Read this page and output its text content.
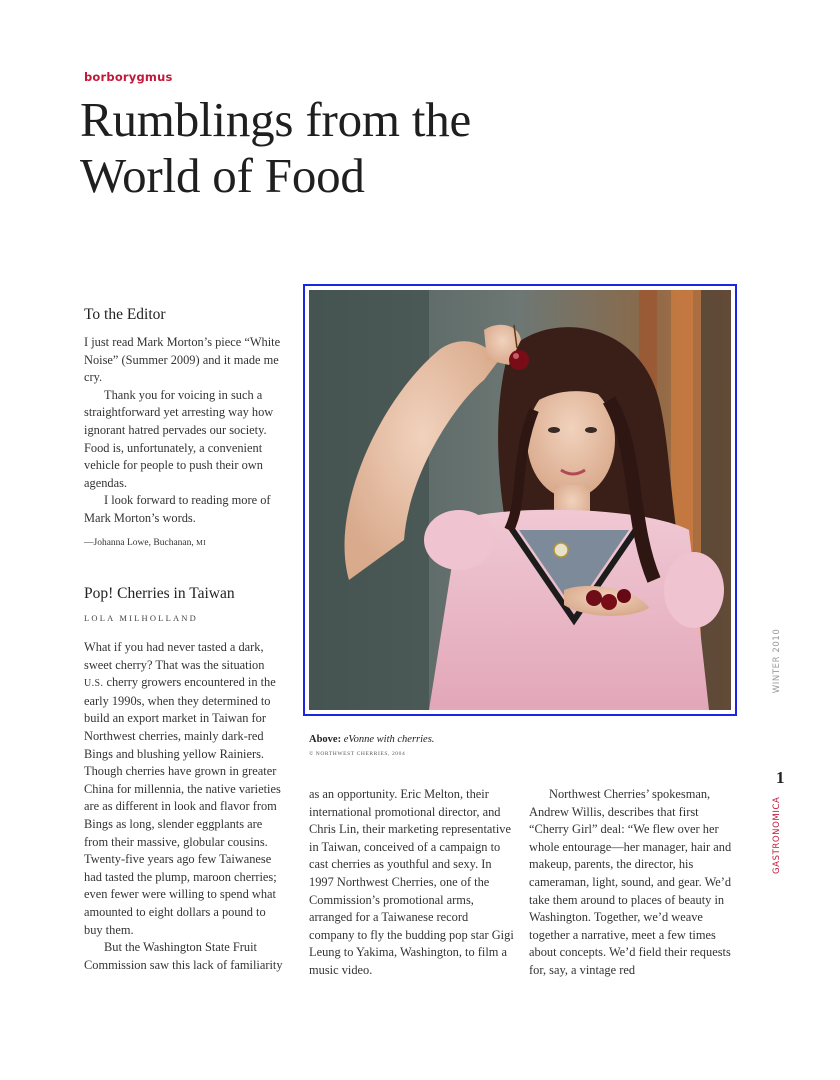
borborygmus
Rumblings from the
World of Food
To the Editor

I just read Mark Morton’s piece “White Noise” (Summer 2009) and it made me cry.

Thank you for voicing in such a straightforward yet arresting way how ignorant hatred pervades our society. Food is, unfortunately, a convenient vehicle for people to push their own agendas.

I look forward to reading more of Mark Morton’s words.

—Johanna Lowe, Buchanan, MI
Pop! Cherries in Taiwan
LOLA MILHOLLAND

What if you had never tasted a dark, sweet cherry? That was the situation U.S. cherry growers encountered in the early 1990s, when they determined to build an export market in Taiwan for Northwest cherries, mainly dark-red Bings and blushing yellow Rainiers. Though cherries have grown in greater China for millennia, the native varieties are as different in look and flavor from Bings as long, slender eggplants are from their massive, globular cousins. Twenty-five years ago few Taiwanese had tasted the plump, maroon cherries; even fewer were willing to spend what amounted to eight dollars a pound to buy them.

But the Washington State Fruit Commission saw this lack of familiarity

Above: eVonne with cherries.
© NORTHWEST CHERRIES, 2004

as an opportunity. Eric Melton, their international promotional director, and Chris Lin, their marketing representative in Taiwan, conceived of a campaign to cast cherries as youthful and sexy. In 1997 Northwest Cherries, one of the Commission’s promotional arms, arranged for a Taiwanese record company to fly the budding pop star Gigi Leung to Yakima, Washington, to film a music video.

Northwest Cherries’ spokesman, Andrew Willis, describes that first “Cherry Girl” deal: “We flew over her whole entourage—her manager, hair and makeup, parents, the director, his cameraman, light, sound, and gear. We’d take them around to places of beauty in Washington. Together, we’d weave together a narrative, meet a few times about concepts. We’d field their requests for, say, a vintage red

GASTRONOMICA WINTER 2010
1
